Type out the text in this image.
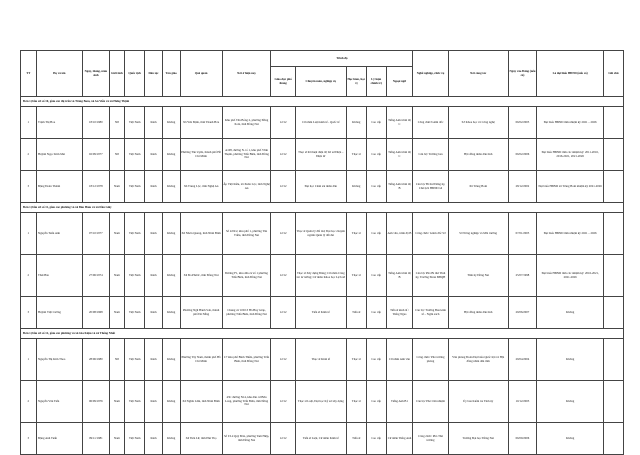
TT	Họ và tên	Ngày, tháng, năm sinh	Giới tính	Quốc tịch	Dân tộc	Tôn giáo	Quê quán	Nơi ở hiện nay	Trình độ					Nghề nghiệp, chức vụ	Nơi công tác	Ngày vào Đảng (nếu có)	Là đại biểu HĐND (nếu có)	Ghi chú
									Giáo dục phổ thông	Chuyên môn, nghiệp vụ	Học hàm, học vị	Lý luận chính trị	Ngoại ngữ					
Đơn vị bầu cử số 10, gồm các thị trấn và Trảng Bom, xã An Viễn và xã Hưng Thịnh																		
1	Trịnh Thị Hoa	18/10/1980	Nữ	Việt Nam	Kinh	Không	Xã Yên Định, tỉnh Thanh Hóa	Khu phố Tân Bổng 2, phường Đồng Xoài, tỉnh Đồng Nai	12/12	Cử nhân Luật kinh tế - Quốc tế	Không	Cao cấp	Tiếng Anh trình độ C	Công chức/Giám đốc	Sở Khoa học và Công nghệ	06/02/2005	Đại biểu HĐND tỉnh nhiệm kỳ 2021 – 2026	
2	Huỳnh Ngọc Kim Mai	02/09/1977	Nữ	Việt Nam	Kinh	Không	Phường Tân Uyên, thành phố Hồ Chí Minh	A108, đường N. tổ 1, khu phố Vĩnh Thạnh, phường Trấn Biên, tỉnh Đồng Nai	12/12	Thạc sĩ Kĩ thuật điện tử; Kĩ sư Điện – Điện tử	Thạc sĩ	Cao cấp	Tiếng Anh trình độ C	Cán bộ/ Trưởng ban	Hội đồng nhân dân tỉnh	06/02/2006	Đại biểu HĐND tỉnh các nhiệm kỳ: 2011-2016, 2016-2021, 2021-2026	
3	Đặng Đoàn Thành	18/12/1978	Nam	Việt Nam	Kinh	Không	Xã Trung Lộc, tỉnh Nghệ An	Ấp Việt Kiều, xã Xuân Lộc, tỉnh Nghệ An	12/12	Đại học Cảnh sát nhân dân	Không	Cao cấp	Tiếng Anh trình độ B	Cán bộ/ Bí thư Đảng ủy, Chủ tịch HĐND xã	Xã Trảng Bom	28/12/2002	Đại biểu HĐND xã Trảng Bom nhiệm kỳ 2021-2026	
Đơn vị bầu cử số 11, gồm các phường và xã Bàu Hàm và xã Dầu Giây																		
1	Nguyễn Tuấn Anh	07/10/1977	Nam	Việt Nam	Kinh	Không	Xã Nhơn Quang, tỉnh Ninh Bình	Số 4/02/2, khu phố 1, phường Tân Triều, tỉnh Đồng Nai	12/12	Thạc sĩ Quản lý đất đai; Đại học chuyên ngành Quản lý đất đai	Thạc sĩ	Cao cấp	Anh văn, trình độ B	Công chức/ Giám đốc Sở	Sở Nông nghiệp và Môi trường	07/01/2005	Đại biểu HĐND tỉnh nhiệm kỳ 2021 – 2026	
2	Thái Bảo	27/06/1974	Nam	Việt Nam	Kinh	Không	Xã Đa Phước, tỉnh Đồng Nai	Đường F1, khu dân cư số 1 phường Trấn Biên, tỉnh Đồng Nai	12/12	Thạc sĩ Xây dựng Đảng; Cử nhân Công tác tư tưởng; Cử nhân Khoa học Lịch sử	Thạc sĩ	Cao cấp	Tiếng Anh trình độ B	Cán bộ/ Phó Bí thư Tỉnh ủy, Trưởng Đoàn ĐBQH	Tỉnh ủy Đồng Nai	25/07/1998	Đại biểu HĐND tỉnh các nhiệm kỳ: 2016-2021, 2021-2026	
3	Huỳnh Việt Cường	20/08/1968	Nam	Việt Nam	Kinh	Không	Phường Ngũ Hành Sơn, thành phố Đà Nẵng	Chung cư 100/13 Hà Huy Giáp, phường Trấn Biên, tỉnh Đồng Nai	12/12	Tiến sĩ Kinh tế	Tiến sĩ	Cao cấp	Tiến sĩ kinh tế / Tiếng Ngas	Cán bộ/ Trưởng Ban kinh tế – Ngân sách	Hội đồng nhân dân tỉnh	29/06/2007	Không	
Đơn vị bầu cử số 12, gồm các phường và xã Gia Kiệm và xã Thống Nhất																		
1	Nguyễn Thị Kim Thoa	28/06/1980	Nữ	Việt Nam	Kinh	Không	Phường Tây Nam, thành phố Hồ Chí Minh	C7 khu phố Bình Thiền, phường Trấn Biên, tỉnh Đồng Nai	12/12	Thạc sĩ Kinh tế	Thạc sĩ	Cao cấp	Cử nhân Anh văn	Công chức/ Phó trưởng phòng	Văn phòng Đoàn Đại biểu Quốc hội và Hội đồng nhân dân tỉnh	29/04/2004	Không	
2	Nguyễn Văn Tiến	06/09/1976	Nam	Việt Nam	Kinh	Không	Xã Nghĩa Lâm, tỉnh Ninh Bình	43C đường N14, khu dân cư Bửu Long, phường Trấn Biên, tỉnh Đồng Nai	12/12	Thạc sĩ Luật, Đại học Kỹ sư xây dựng	Thạc sĩ	Cao cấp	Tiếng Anh B1	Cán bộ/ Phó Chủ nhiệm	Ủy ban Kiểm tra Tỉnh ủy	10/12/2003	Không	
3	Đặng Anh Tuấn	09/11/1981	Nam	Việt Nam	Kinh	Không	Xã Tiên Lữ, tỉnh Phú Thọ	Số 9 Lê Quý Đôn, phường Tam Hiệp, tỉnh Đồng Nai	12/12	Tiến sĩ Luật, Cử nhân Kinh tế	Tiến sĩ	Cao cấp	Cử nhân Tiếng Anh	Công chức/ Phó Thủ trưởng	Trường Đại học Đồng Nai	06/09/2006	Không	
